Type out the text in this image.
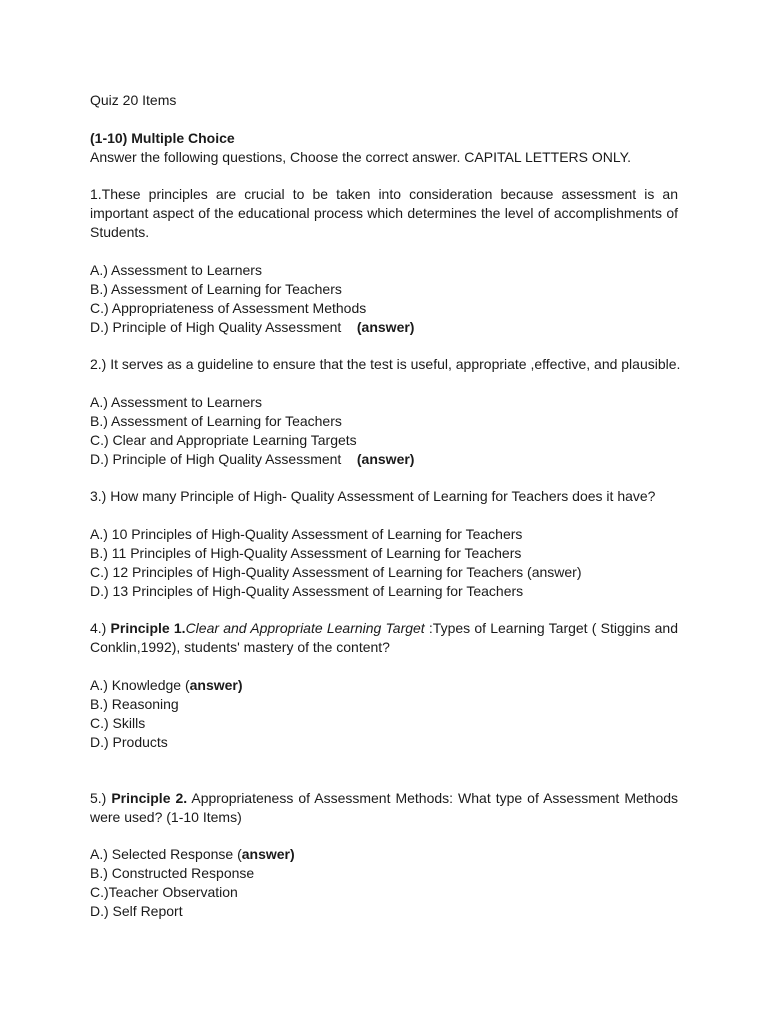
Quiz 20 Items
(1-10) Multiple Choice
Answer the following questions, Choose the correct answer. CAPITAL LETTERS ONLY.
1.These principles are crucial to be taken into consideration because assessment is an important aspect of the educational process which determines the level of accomplishments of Students.
A.) Assessment to Learners
B.) Assessment of Learning for Teachers
C.) Appropriateness of Assessment Methods
D.) Principle of High Quality Assessment (answer)
2.) It serves as a guideline to ensure that the test is useful, appropriate ,effective, and plausible.
A.) Assessment to Learners
B.) Assessment of Learning for Teachers
C.) Clear and Appropriate Learning Targets
D.) Principle of High Quality Assessment (answer)
3.) How many Principle of High- Quality Assessment of Learning for Teachers does it have?
A.) 10 Principles of High-Quality Assessment of Learning for Teachers
B.) 11 Principles of High-Quality Assessment of Learning for Teachers
C.) 12 Principles of High-Quality Assessment of Learning for Teachers (answer)
D.) 13 Principles of High-Quality Assessment of Learning for Teachers
4.) Principle 1.Clear and Appropriate Learning Target :Types of Learning Target ( Stiggins and Conklin,1992), students' mastery of the content?
A.) Knowledge (answer)
B.) Reasoning
C.) Skills
D.) Products
5.) Principle 2. Appropriateness of Assessment Methods: What type of Assessment Methods were used? (1-10 Items)
A.) Selected Response (answer)
B.) Constructed Response
C.)Teacher Observation
D.) Self Report
